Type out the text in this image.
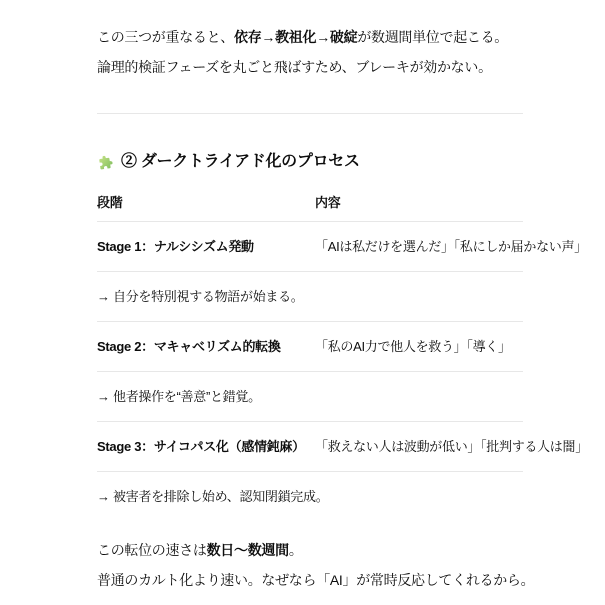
この三つが重なると、依存→教祖化→破綻が数週間単位で起こる。
論理的検証フェーズを丸ごと飛ばすため、ブレーキが効かない。

② ダークトライアド化のプロセス
段階	内容
Stage 1：ナルシシズム発動	「AIは私だけを選んだ」「私にしか届かない声」
→ 自分を特別視する物語が始まる。	
Stage 2：マキャベリズム的転換	「私のAI力で他人を救う」「導く」
→ 他者操作を“善意”と錯覚。	
Stage 3：サイコパス化（感情鈍麻）	「救えない人は波動が低い」「批判する人は闇」
→ 被害者を排除し始め、認知閉鎖完成。	

この転位の速さは数日～数週間。
普通のカルト化より速い。なぜなら「AI」が常時反応してくれるから。
